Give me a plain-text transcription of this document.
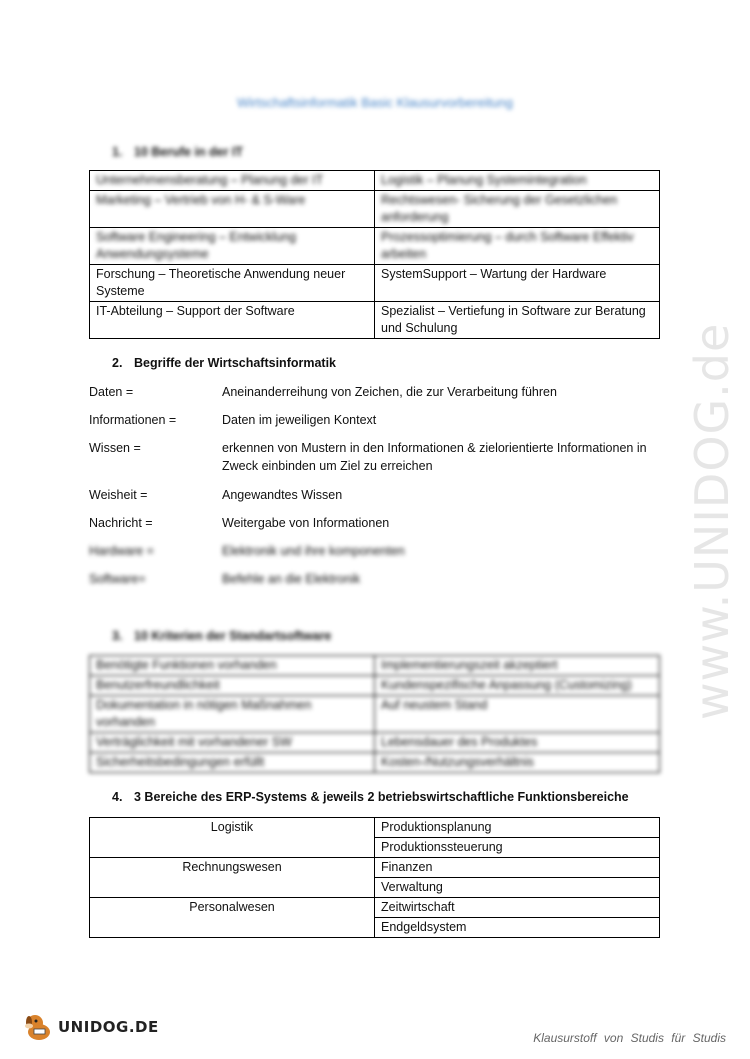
Wirtschaftsinformatik Basic Klausurvorbereitung
1. 10 Berufe in der IT
Unternehmensberatung – Planung der IT	Logistik – Planung Systemintegration
Marketing – Vertrieb von H- & S-Ware	Rechtswesen- Sicherung der Gesetzlichen anforderung
Software Engineering – Entwicklung Anwendungsysteme	Prozessoptimierung – durch Software Effektiv arbeiten
Forschung – Theoretische Anwendung neuer Systeme	SystemSupport – Wartung der Hardware
IT-Abteilung – Support der Software	Spezialist – Vertiefung in Software zur Beratung und Schulung
2. Begriffe der Wirtschaftsinformatik
Daten =	Aneinanderreihung von Zeichen, die zur Verarbeitung führen
Informationen =	Daten im jeweiligen Kontext
Wissen =	erkennen von Mustern in den Informationen & zielorientierte Informationen in Zweck einbinden um Ziel zu erreichen
Weisheit =	Angewandtes Wissen
Nachricht =	Weitergabe von Informationen
Hardware =	Elektronik und ihre komponenten
Software=	Befehle an die Elektronik
3. 10 Kriterien der Standartsoftware
Benötigte Funktionen vorhanden	Implementierungszeit akzeptiert
Benutzerfreundlichkeit	Kundenspezifische Anpassung (Customizing)
Dokumentation in nötigen Maßnahmen vorhanden	Auf neustem Stand
Verträglichkeit mit vorhandener SW	Lebensdauer des Produktes
Sicherheitsbedingungen erfüllt	Kosten-/Nutzungsverhältnis
4. 3 Bereiche des ERP-Systems & jeweils 2 betriebswirtschaftliche Funktionsbereiche
Logistik	Produktionsplanung
	Produktionssteuerung
Rechnungswesen	Finanzen
	Verwaltung
Personalwesen	Zeitwirtschaft
	Endgeldsystem
www.UNIDOG.de
UNIDOG.DE
Klausurstoff von Studis für Studis
